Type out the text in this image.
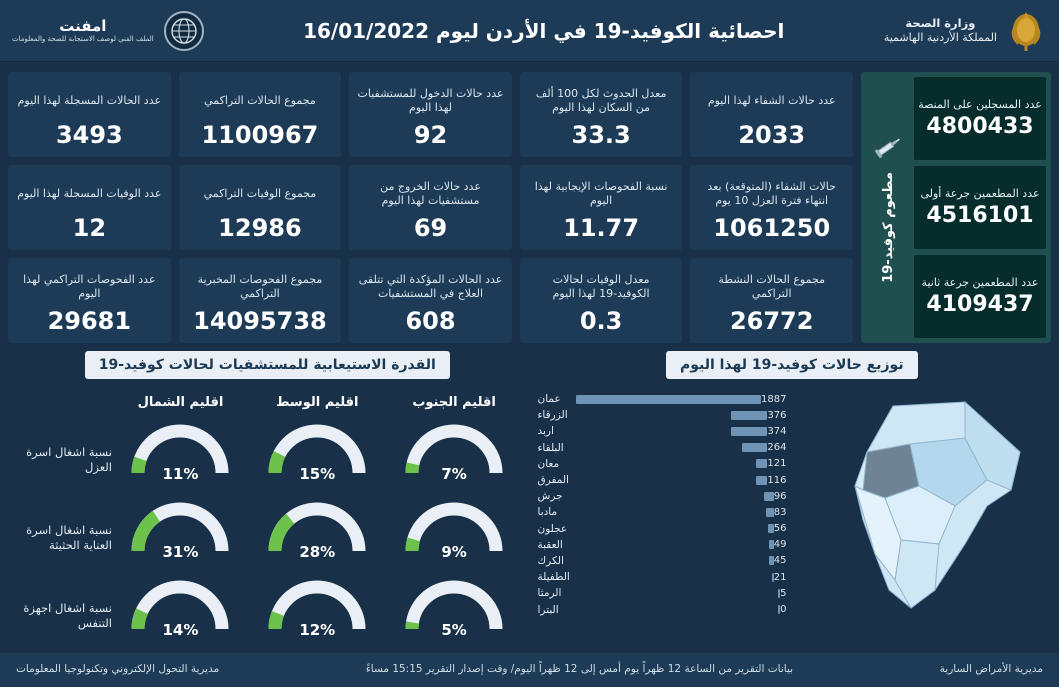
وزارة الصحة
المملكة الأردنية الهاشمية
احصائية الكوفيد-19 في الأردن ليوم 16/01/2022
امفنت
الملف الفني لوصف الاستجابة للصحة والمعلومات
مطعوم كوفيد-19
عدد المسجلين على المنصة
4800433
عدد المطعمين جرعة أولى
4516101
عدد المطعمين جرعة ثانية
4109437
عدد حالات الشفاء لهذا اليوم
2033
حالات الشفاء (المتوقعة) بعد انتهاء فترة العزل 10 يوم
1061250
مجموع الحالات النشطة التراكمي
26772
معدل الحدوث لكل 100 ألف من السكان لهذا اليوم
33.3
نسبة الفحوصات الإيجابية لهذا اليوم
11.77
معدل الوفيات لحالات الكوفيد-19 لهذا اليوم
0.3
عدد حالات الدخول للمستشفيات لهذا اليوم
92
عدد حالات الخروج من مستشفيات لهذا اليوم
69
عدد الحالات المؤكدة التي تتلقى العلاج في المستشفيات
608
مجموع الحالات التراكمي
1100967
مجموع الوفيات التراكمي
12986
مجموع الفحوصات المخبرية التراكمي
14095738
عدد الحالات المسجلة لهذا اليوم
3493
عدد الوفيات المسجلة لهذا اليوم
12
عدد الفحوصات التراكمي لهذا اليوم
29681
توزيع حالات كوفيد-19 لهذا اليوم
1887
عمان
376
الزرقاء
374
اربد
264
البلقاء
121
معان
116
المفرق
96
جرش
83
مادبا
56
عجلون
49
العقبة
45
الكرك
21
الطفيلة
5
الرمثا
0
البترا
القدرة الاستيعابية للمستشفيات لحالات كوفيد-19
اقليم الجنوب
7%
9%
5%
اقليم الوسط
15%
28%
12%
اقليم الشمال
11%
31%
14%
نسبة اشغال اسرة العزل
نسبة اشغال اسرة العناية الحثيثة
نسبة اشغال اجهزة التنفس
مديرية الأمراض السارية
بيانات التقرير من الساعة 12 ظهراً يوم أمس إلى 12 ظهراً اليوم/ وقت إصدار التقرير 15:15 مساءً
مديرية التحول الإلكتروني وتكنولوجيا المعلومات
